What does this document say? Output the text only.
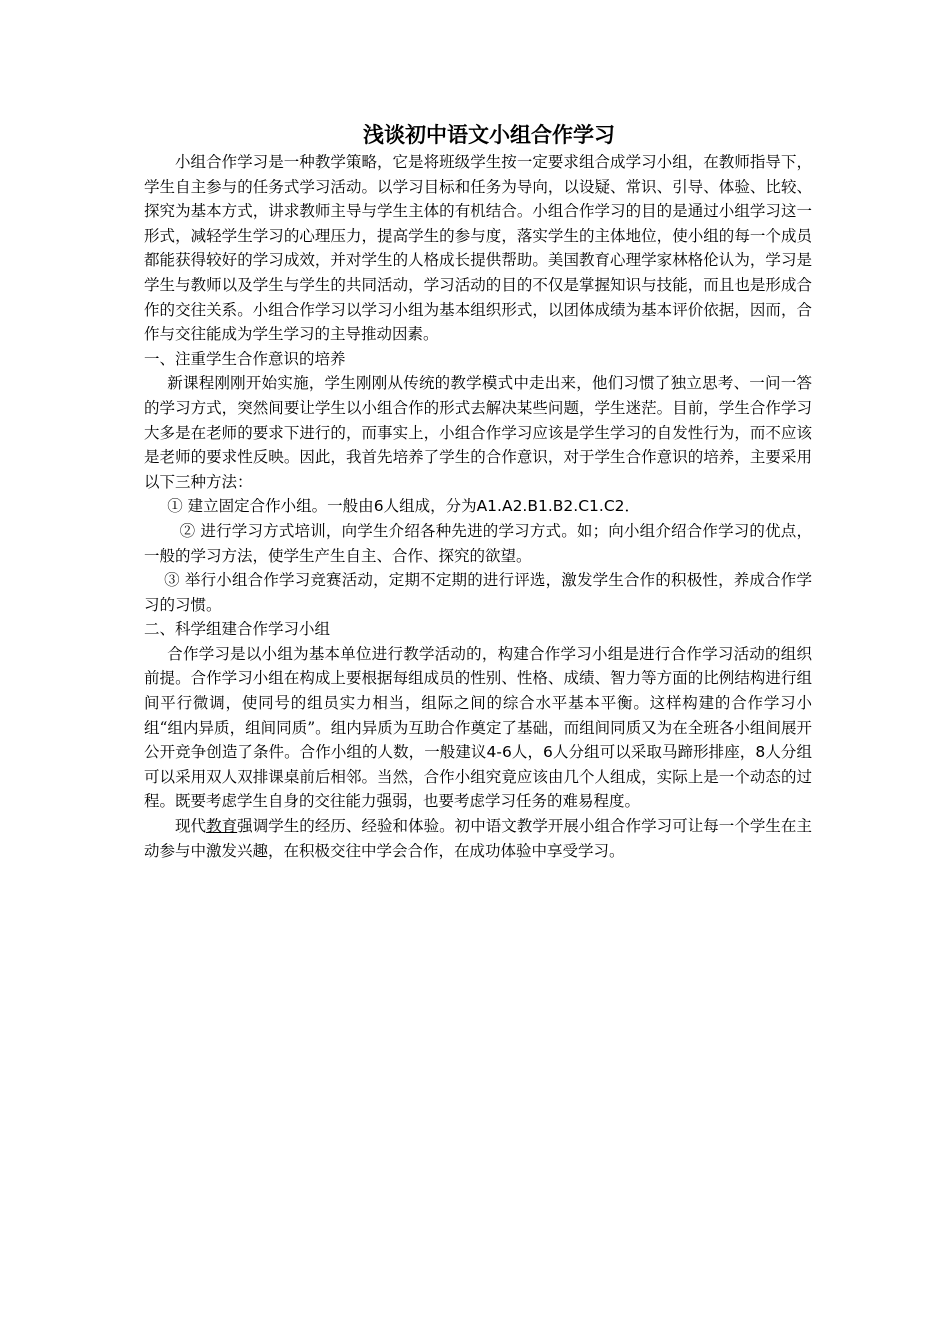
浅谈初中语文小组合作学习

小组合作学习是一种教学策略，它是将班级学生按一定要求组合成学习小组，在教师指导下，学生自主参与的任务式学习活动。以学习目标和任务为导向，以设疑、常识、引导、体验、比较、探究为基本方式，讲求教师主导与学生主体的有机结合。小组合作学习的目的是通过小组学习这一形式，减轻学生学习的心理压力，提高学生的参与度，落实学生的主体地位，使小组的每一个成员都能获得较好的学习成效，并对学生的人格成长提供帮助。美国教育心理学家林格伦认为，学习是学生与教师以及学生与学生的共同活动，学习活动的目的不仅是掌握知识与技能，而且也是形成合作的交往关系。小组合作学习以学习小组为基本组织形式，以团体成绩为基本评价依据，因而，合作与交往能成为学生学习的主导推动因素。

一、注重学生合作意识的培养

新课程刚刚开始实施，学生刚刚从传统的教学模式中走出来，他们习惯了独立思考、一问一答的学习方式，突然间要让学生以小组合作的形式去解决某些问题，学生迷茫。目前，学生合作学习大多是在老师的要求下进行的，而事实上，小组合作学习应该是学生学习的自发性行为，而不应该是老师的要求性反映。因此，我首先培养了学生的合作意识，对于学生合作意识的培养，主要采用以下三种方法：

① 建立固定合作小组。一般由6人组成，分为A1.A2.B1.B2.C1.C2．

② 进行学习方式培训，向学生介绍各种先进的学习方式。如；向小组介绍合作学习的优点，一般的学习方法，使学生产生自主、合作、探究的欲望。

③ 举行小组合作学习竞赛活动，定期不定期的进行评选，激发学生合作的积极性，养成合作学习的习惯。

二、科学组建合作学习小组

合作学习是以小组为基本单位进行教学活动的，构建合作学习小组是进行合作学习活动的组织前提。合作学习小组在构成上要根据每组成员的性别、性格、成绩、智力等方面的比例结构进行组间平行微调，使同号的组员实力相当，组际之间的综合水平基本平衡。这样构建的合作学习小组“组内异质，组间同质”。组内异质为互助合作奠定了基础，而组间同质又为在全班各小组间展开公开竞争创造了条件。合作小组的人数，一般建议4-6人，6人分组可以采取马蹄形排座，8人分组可以采用双人双排课桌前后相邻。当然，合作小组究竟应该由几个人组成，实际上是一个动态的过程。既要考虑学生自身的交往能力强弱，也要考虑学习任务的难易程度。

现代教育强调学生的经历、经验和体验。初中语文教学开展小组合作学习可让每一个学生在主动参与中激发兴趣，在积极交往中学会合作，在成功体验中享受学习。
